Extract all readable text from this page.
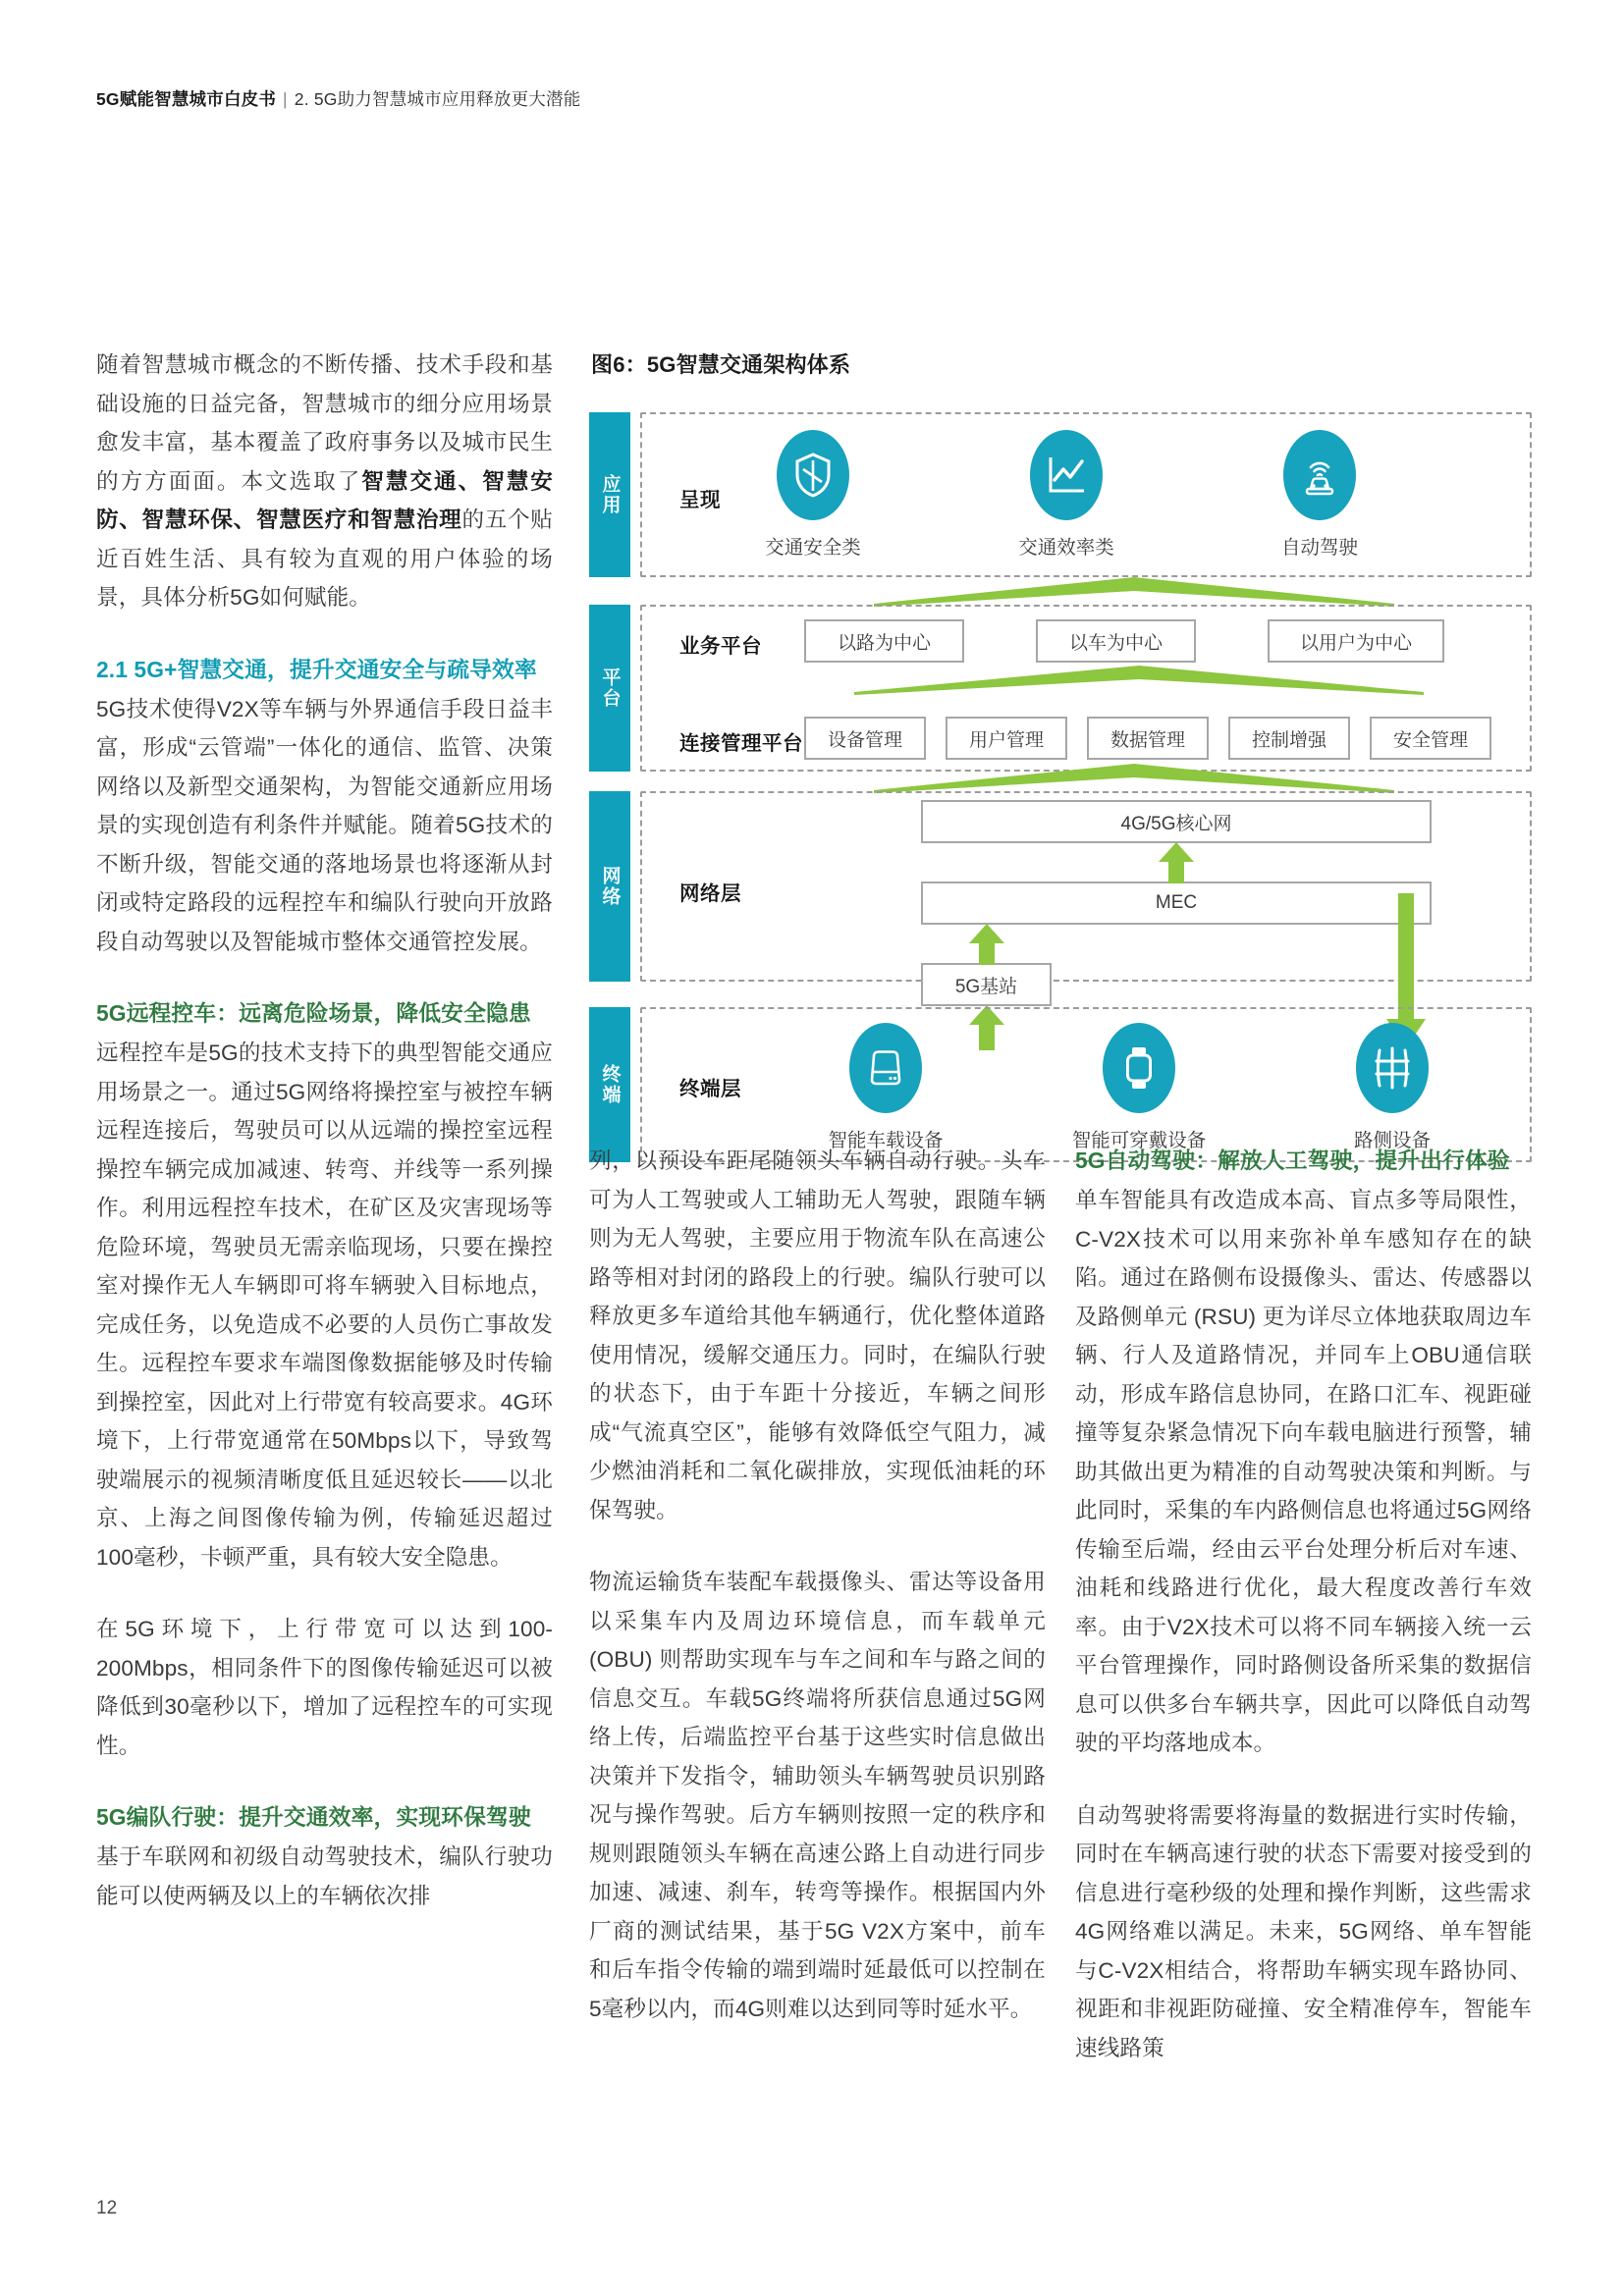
5G赋能智慧城市白皮书 | 2. 5G助力智慧城市应用释放更大潜能

随着智慧城市概念的不断传播、技术手段和基础设施的日益完备，智慧城市的细分应用场景愈发丰富，基本覆盖了政府事务以及城市民生的方方面面。本文选取了智慧交通、智慧安防、智慧环保、智慧医疗和智慧治理的五个贴近百姓生活、具有较为直观的用户体验的场景，具体分析5G如何赋能。

2.1 5G+智慧交通，提升交通安全与疏导效率

5G技术使得V2X等车辆与外界通信手段日益丰富，形成“云管端”一体化的通信、监管、决策网络以及新型交通架构，为智能交通新应用场景的实现创造有利条件并赋能。随着5G技术的不断升级，智能交通的落地场景也将逐渐从封闭或特定路段的远程控车和编队行驶向开放路段自动驾驶以及智能城市整体交通管控发展。

5G远程控车：远离危险场景，降低安全隐患

远程控车是5G的技术支持下的典型智能交通应用场景之一。通过5G网络将操控室与被控车辆远程连接后，驾驶员可以从远端的操控室远程操控车辆完成加减速、转弯、并线等一系列操作。利用远程控车技术，在矿区及灾害现场等危险环境，驾驶员无需亲临现场，只要在操控室对操作无人车辆即可将车辆驶入目标地点，完成任务，以免造成不必要的人员伤亡事故发生。远程控车要求车端图像数据能够及时传输到操控室，因此对上行带宽有较高要求。4G环境下，上行带宽通常在50Mbps以下，导致驾驶端展示的视频清晰度低且延迟较长——以北京、上海之间图像传输为例，传输延迟超过100毫秒，卡顿严重，具有较大安全隐患。

在5G环境下，上行带宽可以达到100-200Mbps，相同条件下的图像传输延迟可以被降低到30毫秒以下，增加了远程控车的可实现性。

5G编队行驶：提升交通效率，实现环保驾驶

基于车联网和初级自动驾驶技术，编队行驶功能可以使两辆及以上的车辆依次排

图6：5G智慧交通架构体系
应用	呈现
交通安全类	交通效率类	自动驾驶
平台
业务平台	以路为中心	以车为中心	以用户为中心
连接管理平台	设备管理	用户管理	数据管理	控制增强	安全管理
网络	网络层
4G/5G核心网
MEC
5G基站
终端	终端层
智能车载设备	智能可穿戴设备	路侧设备

列，以预设车距尾随领头车辆自动行驶。头车可为人工驾驶或人工辅助无人驾驶，跟随车辆则为无人驾驶，主要应用于物流车队在高速公路等相对封闭的路段上的行驶。编队行驶可以释放更多车道给其他车辆通行，优化整体道路使用情况，缓解交通压力。同时，在编队行驶的状态下，由于车距十分接近，车辆之间形成“气流真空区”，能够有效降低空气阻力，减少燃油消耗和二氧化碳排放，实现低油耗的环保驾驶。

物流运输货车装配车载摄像头、雷达等设备用以采集车内及周边环境信息，而车载单元 (OBU) 则帮助实现车与车之间和车与路之间的信息交互。车载5G终端将所获信息通过5G网络上传，后端监控平台基于这些实时信息做出决策并下发指令，辅助领头车辆驾驶员识别路况与操作驾驶。后方车辆则按照一定的秩序和规则跟随领头车辆在高速公路上自动进行同步加速、减速、刹车，转弯等操作。根据国内外厂商的测试结果，基于5G V2X方案中，前车和后车指令传输的端到端时延最低可以控制在5毫秒以内，而4G则难以达到同等时延水平。

5G自动驾驶：解放人工驾驶，提升出行体验

单车智能具有改造成本高、盲点多等局限性，C-V2X技术可以用来弥补单车感知存在的缺陷。通过在路侧布设摄像头、雷达、传感器以及路侧单元 (RSU) 更为详尽立体地获取周边车辆、行人及道路情况，并同车上OBU通信联动，形成车路信息协同，在路口汇车、视距碰撞等复杂紧急情况下向车载电脑进行预警，辅助其做出更为精准的自动驾驶决策和判断。与此同时，采集的车内路侧信息也将通过5G网络传输至后端，经由云平台处理分析后对车速、油耗和线路进行优化，最大程度改善行车效率。由于V2X技术可以将不同车辆接入统一云平台管理操作，同时路侧设备所采集的数据信息可以供多台车辆共享，因此可以降低自动驾驶的平均落地成本。

自动驾驶将需要将海量的数据进行实时传输，同时在车辆高速行驶的状态下需要对接受到的信息进行毫秒级的处理和操作判断，这些需求4G网络难以满足。未来，5G网络、单车智能与C-V2X相结合，将帮助车辆实现车路协同、视距和非视距防碰撞、安全精准停车，智能车速线路策

12
